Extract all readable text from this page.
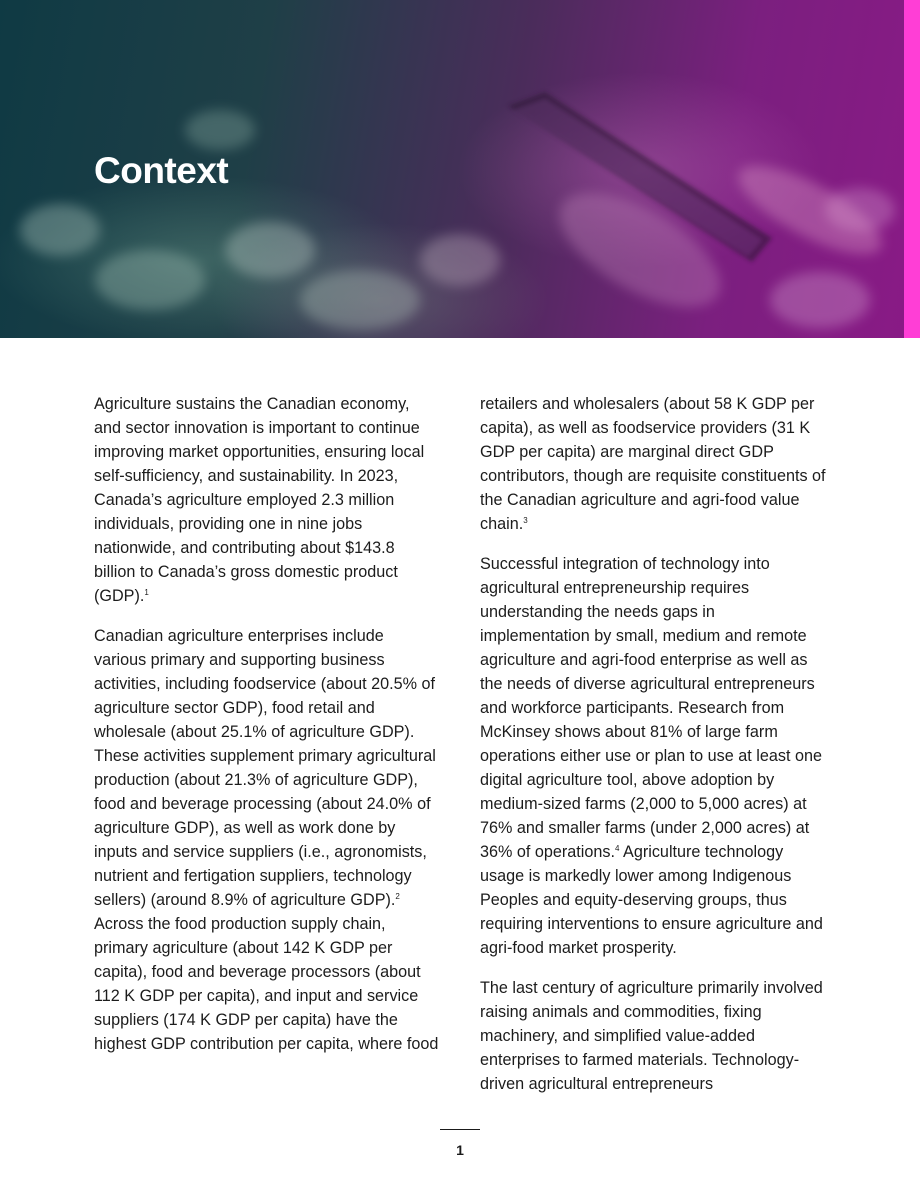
Context

Agriculture sustains the Canadian economy, and sector innovation is important to continue improving market opportunities, ensuring local self-sufficiency, and sustainability. In 2023, Canada’s agriculture employed 2.3 million individuals, providing one in nine jobs nationwide, and contributing about $143.8 billion to Canada’s gross domestic product (GDP).$^1$

Canadian agriculture enterprises include various primary and supporting business activities, including foodservice (about 20.5% of agriculture sector GDP), food retail and wholesale (about 25.1% of agriculture GDP). These activities supplement primary agricultural production (about 21.3% of agriculture GDP), food and beverage processing (about 24.0% of agriculture GDP), as well as work done by inputs and service suppliers (i.e., agronomists, nutrient and fertigation suppliers, technology sellers) (around 8.9% of agriculture GDP).$^2$ Across the food production supply chain, primary agriculture (about 142 K GDP per capita), food and beverage processors (about 112 K GDP per capita), and input and service suppliers (174 K GDP per capita) have the highest GDP contribution per capita, where food

retailers and wholesalers (about 58 K GDP per capita), as well as foodservice providers (31 K GDP per capita) are marginal direct GDP contributors, though are requisite constituents of the Canadian agriculture and agri-food value chain.$^3$

Successful integration of technology into agricultural entrepreneurship requires understanding the needs gaps in implementation by small, medium and remote agriculture and agri-food enterprise as well as the needs of diverse agricultural entrepreneurs and workforce participants. Research from McKinsey shows about 81% of large farm operations either use or plan to use at least one digital agriculture tool, above adoption by medium-sized farms (2,000 to 5,000 acres) at 76% and smaller farms (under 2,000 acres) at 36% of operations.$^4$ Agriculture technology usage is markedly lower among Indigenous Peoples and equity-deserving groups, thus requiring interventions to ensure agriculture and agri-food market prosperity.

The last century of agriculture primarily involved raising animals and commodities, fixing machinery, and simplified value-added enterprises to farmed materials. Technology-driven agricultural entrepreneurs

1
